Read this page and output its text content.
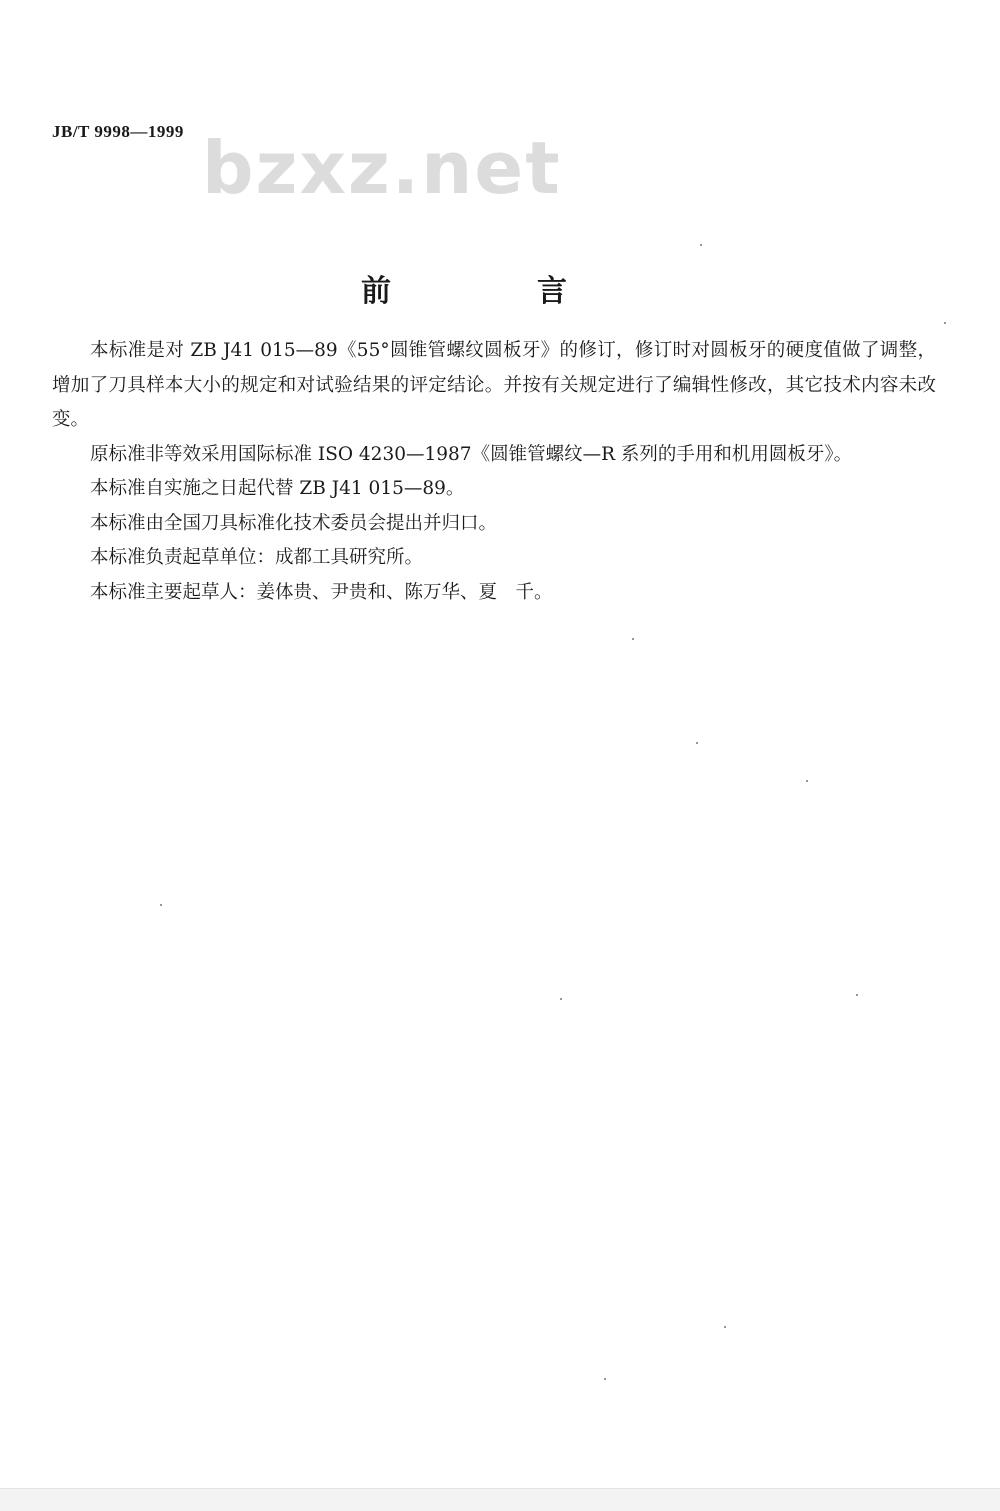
JB/T 9998—1999 bzxz.net
前　言

本标准是对 ZB J41 015—89《55°圆锥管螺纹圆板牙》的修订，修订时对圆板牙的硬度值做了调整，增加了刀具样本大小的规定和对试验结果的评定结论。并按有关规定进行了编辑性修改，其它技术内容未改变。

原标准非等效采用国际标准 ISO 4230—1987《圆锥管螺纹—R 系列的手用和机用圆板牙》。

本标准自实施之日起代替 ZB J41 015—89。

本标准由全国刀具标准化技术委员会提出并归口。

本标准负责起草单位：成都工具研究所。

本标准主要起草人：姜体贵、尹贵和、陈万华、夏　千。
